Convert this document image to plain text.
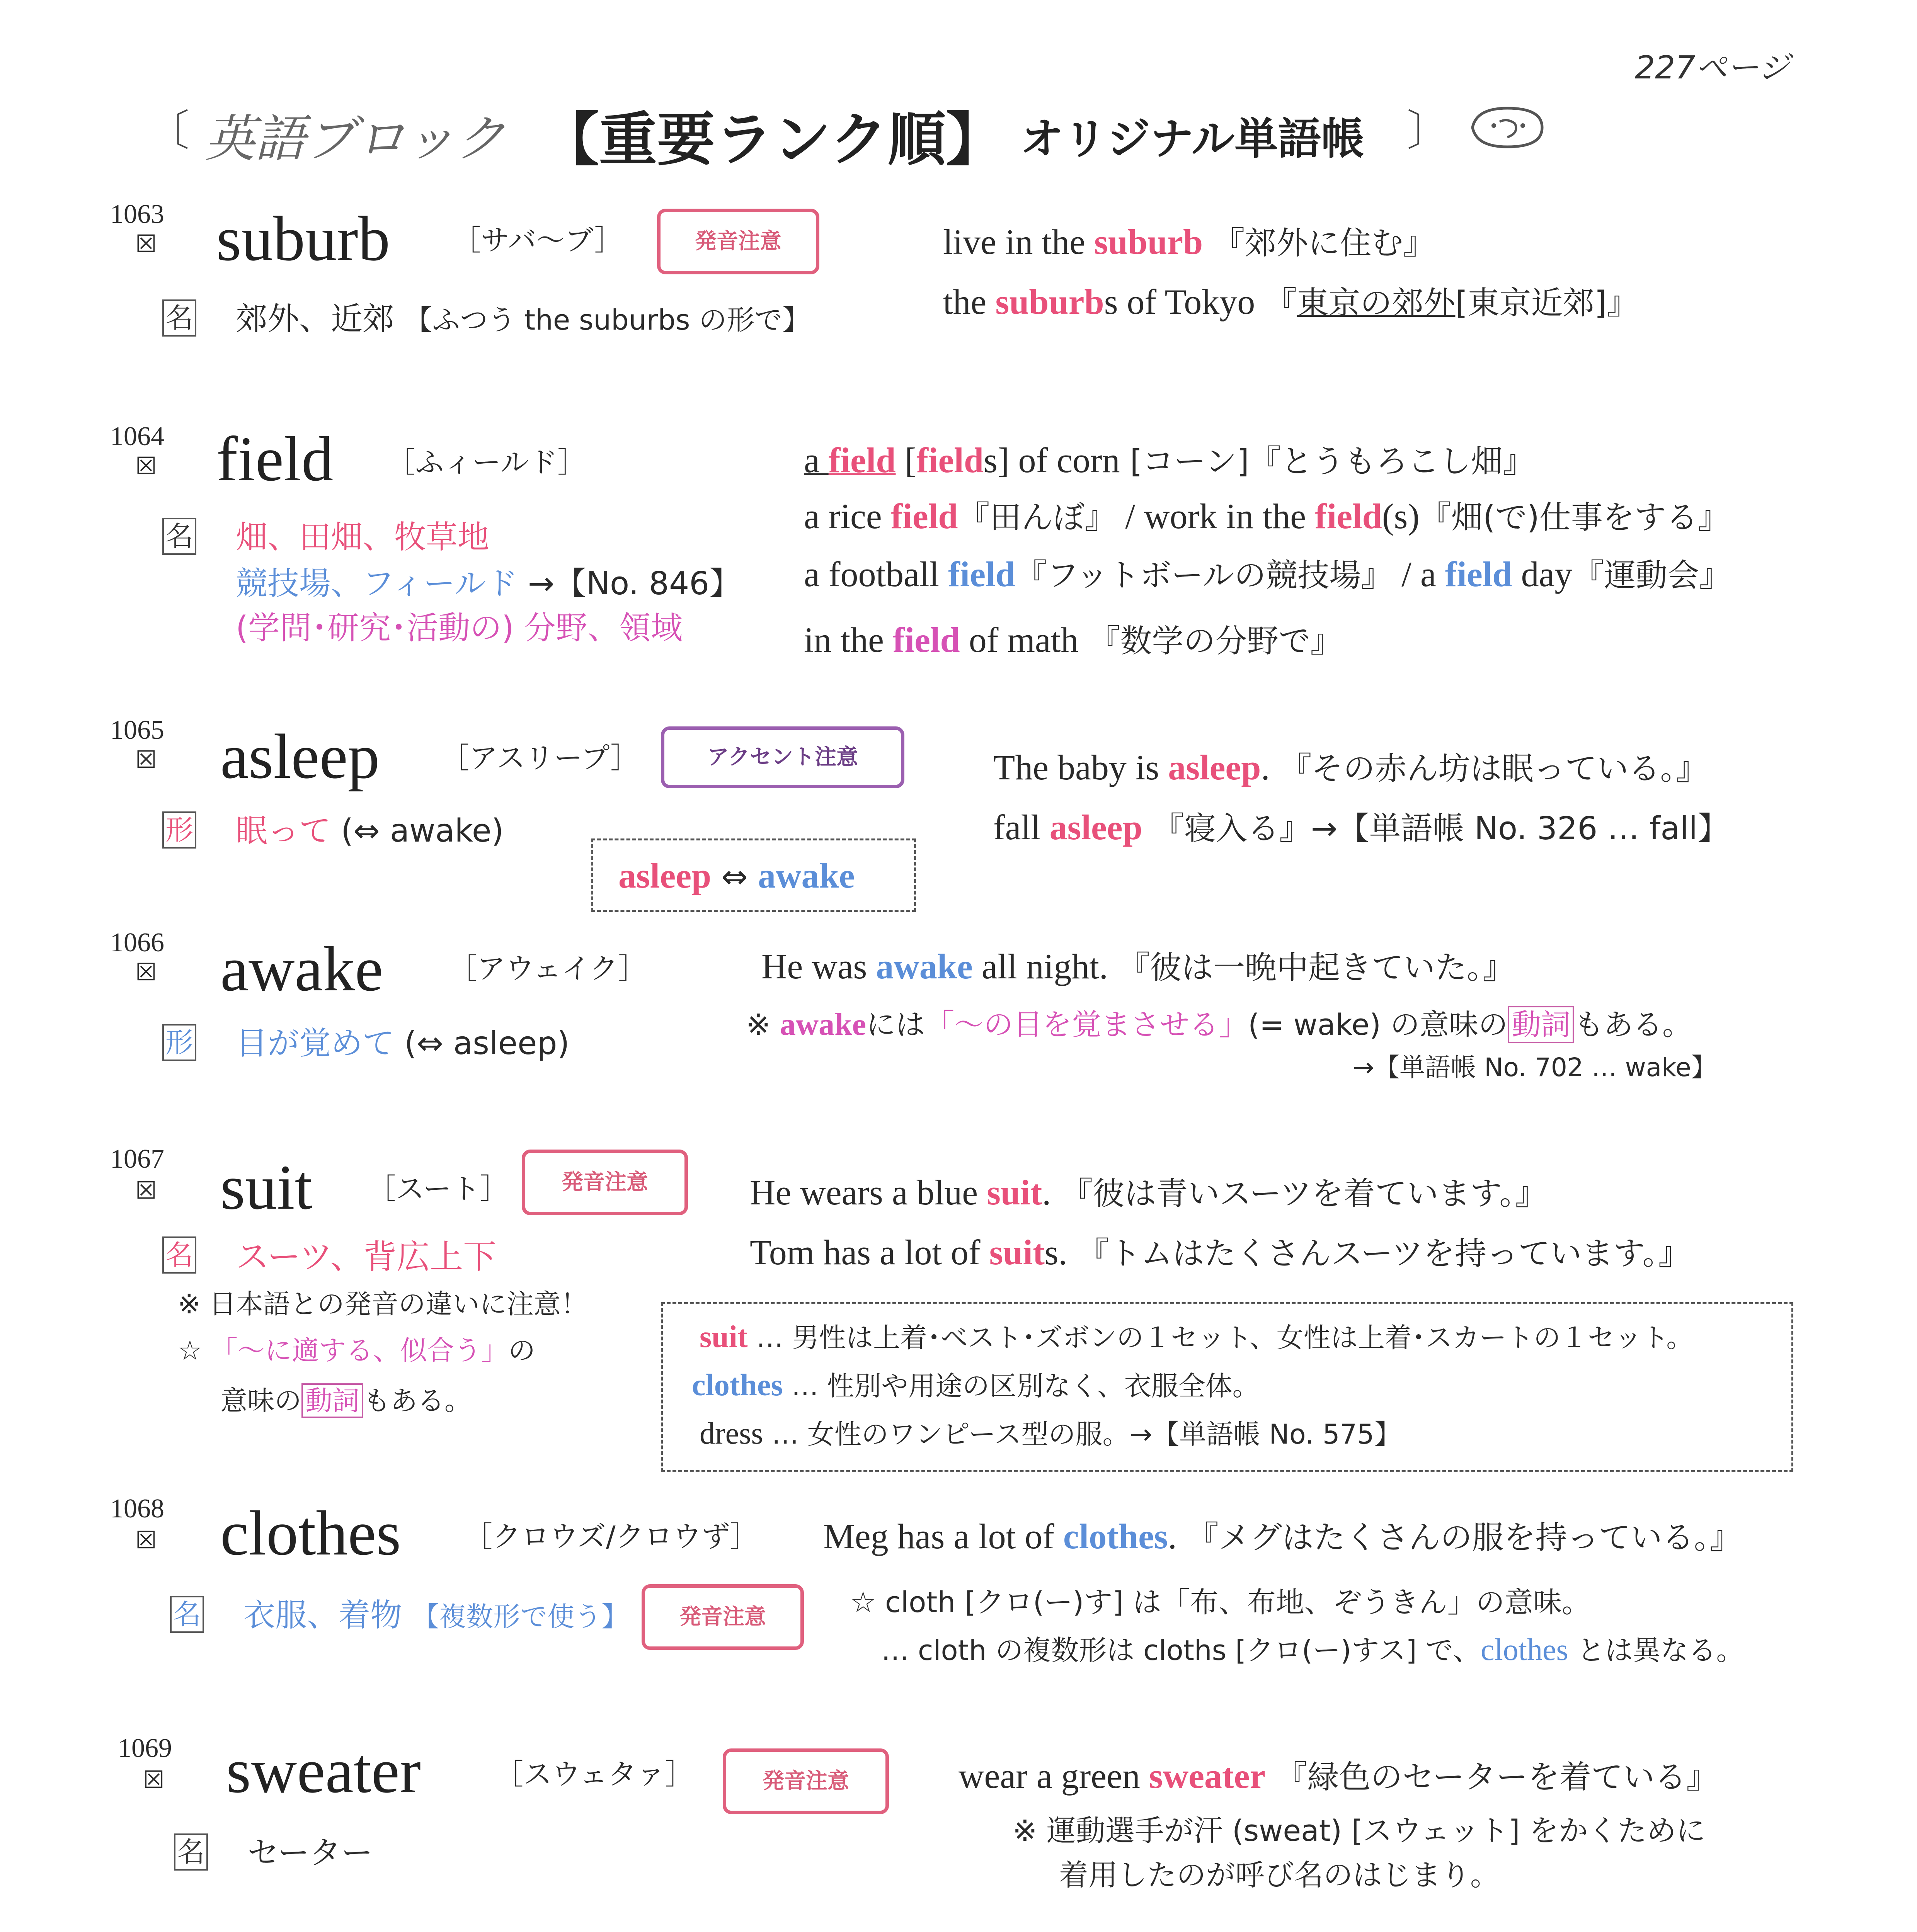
227ページ
〔 英語ブロック 【重要ランク順】 オリジナル単語帳 〕
1063
☒ suburb ［サバ～ブ］	発音注意
名 郊外、近郊 【ふつう the suburbs の形で】
live in the suburb 『郊外に住む』
the suburbs of Tokyo 『東京の郊外[東京近郊]』
1064
☒ field ［ふィールド］
名 畑、田畑、牧草地
競技場、フィールド →【No. 846】
(学問･研究･活動の) 分野、領域
a field [fields] of corn [コーン]『とうもろこし畑』
a rice field『田んぼ』 / work in the field(s)『畑(で)仕事をする』
a football field『フットボールの競技場』 / a field day『運動会』
in the field of math 『数学の分野で』
1065
☒ asleep ［アスリープ］	アクセント注意
形 眠って (⇔ awake)
The baby is asleep. 『その赤ん坊は眠っている。』
fall asleep 『寝入る』→【単語帳 No. 326 … fall】
asleep ⇔ awake
1066
☒ awake ［アウェイク］
形 目が覚めて (⇔ asleep)
He was awake all night. 『彼は一晩中起きていた。』
※ awakeには「～の目を覚まさせる」(= wake) の意味の 動詞 もある。
→【単語帳 No. 702 … wake】
1067
☒ suit ［スート］	発音注意
名 スーツ、背広上下
※ 日本語との発音の違いに注意！
☆ 「～に適する、似合う」の
意味の 動詞 もある。
He wears a blue suit. 『彼は青いスーツを着ています。』
Tom has a lot of suits. 『トムはたくさんスーツを持っています。』
suit … 男性は上着･ベスト･ズボンの１セット、女性は上着･スカートの１セット。
clothes … 性別や用途の区別なく、衣服全体。
dress … 女性のワンピース型の服。→【単語帳 No. 575】
1068
☒ clothes ［クロウズ/クロウず］
名 衣服、着物 【複数形で使う】	発音注意
Meg has a lot of clothes. 『メグはたくさんの服を持っている。』
☆ cloth [クロ(ー)す] は「布、布地、ぞうきん」の意味。
… cloth の複数形は cloths [クロ(ー)すス] で、clothes とは異なる。
1069
☒ sweater	［スウェタァ］	発音注意
名 セーター
wear a green sweater 『緑色のセーターを着ている』
※ 運動選手が汗 (sweat) [スウェット] をかくために
着用したのが呼び名のはじまり。
